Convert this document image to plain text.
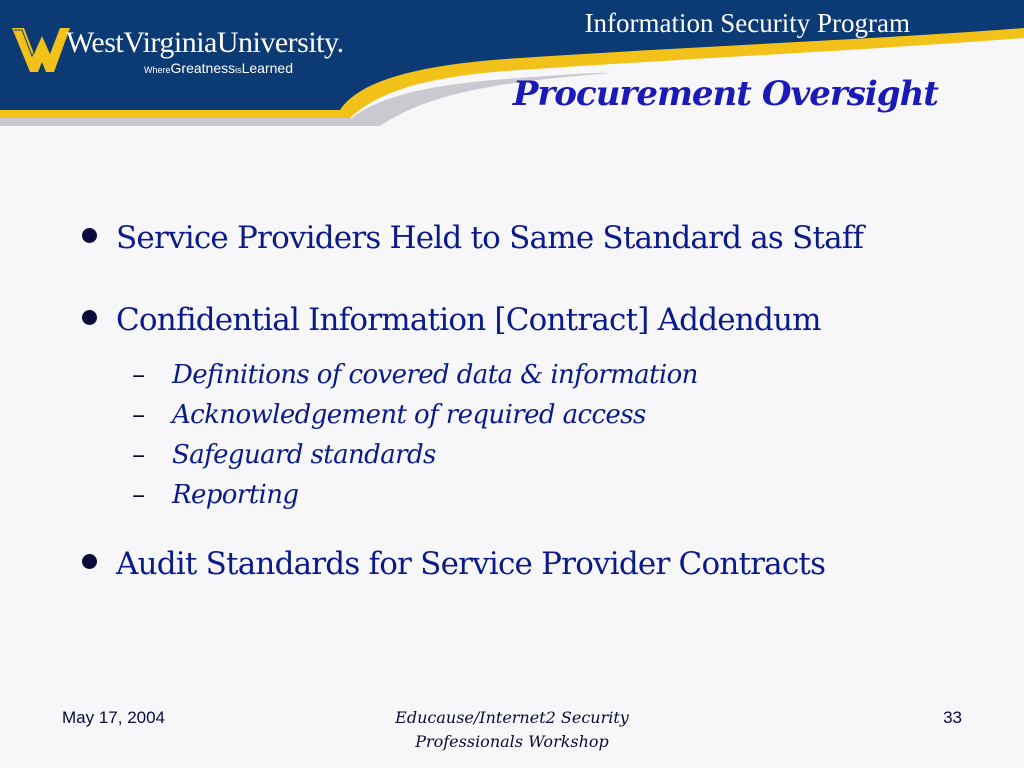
WestVirginiaUniversity.
WhereGreatnessisLearned
Information Security Program
Procurement Oversight
Service Providers Held to Same Standard as Staff
Confidential Information [Contract] Addendum
– Definitions of covered data & information
– Acknowledgement of required access
– Safeguard standards
– Reporting
Audit Standards for Service Provider Contracts
May 17, 2004	Educause/Internet2 Security
Professionals Workshop
33
